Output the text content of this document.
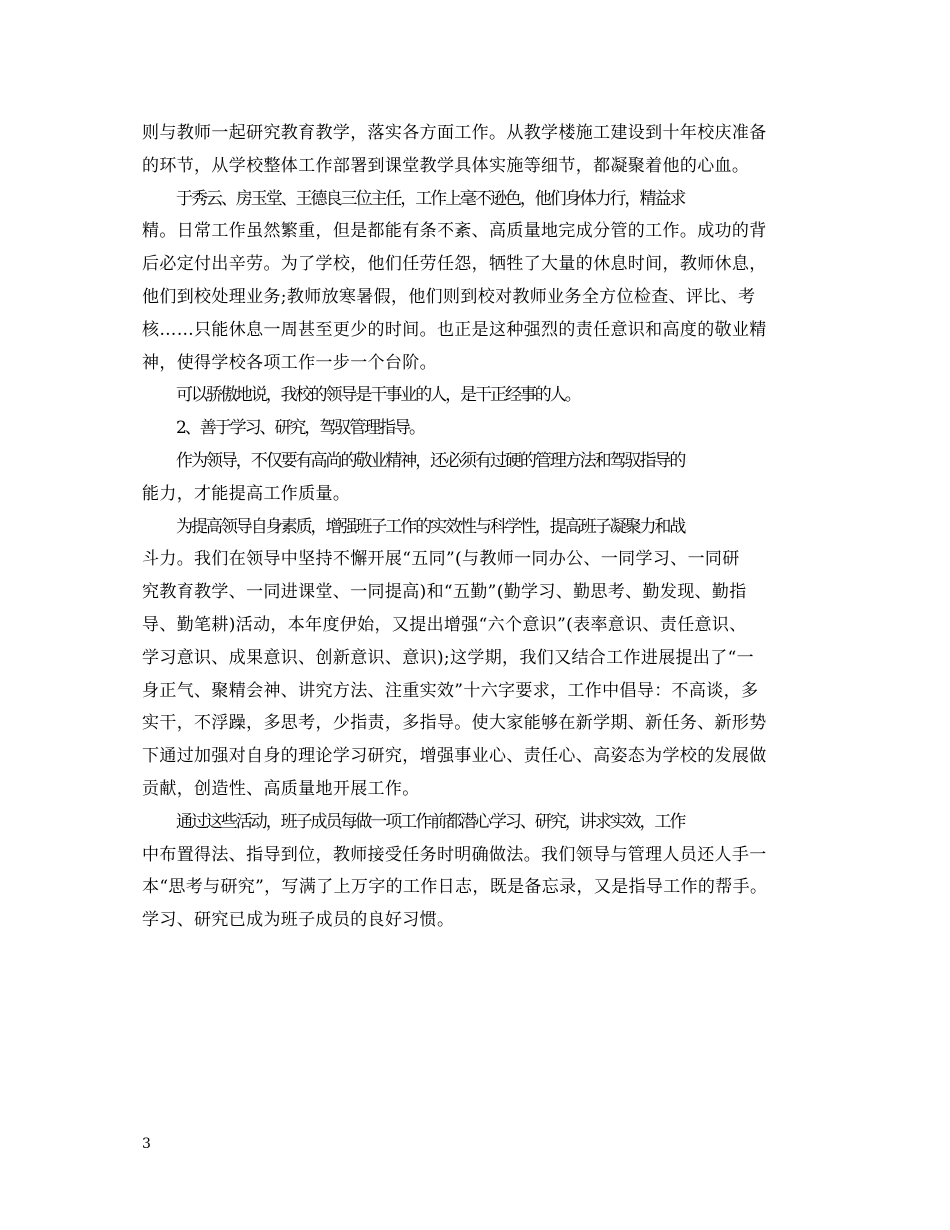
则与教师一起研究教育教学，落实各方面工作。从教学楼施工建设到十年校庆准备
的环节，从学校整体工作部署到课堂教学具体实施等细节，都凝聚着他的心血。
于秀云、房玉堂、王德良三位主任，工作上毫不逊色，他们身体力行，精益求
精。日常工作虽然繁重，但是都能有条不紊、高质量地完成分管的工作。成功的背
后必定付出辛劳。为了学校，他们任劳任怨，牺牲了大量的休息时间，教师休息，
他们到校处理业务;教师放寒暑假，他们则到校对教师业务全方位检查、评比、考
核……只能休息一周甚至更少的时间。也正是这种强烈的责任意识和高度的敬业精
神，使得学校各项工作一步一个台阶。
可以骄傲地说，我校的领导是干事业的人，是干正经事的人。
2、善于学习、研究，驾驭管理指导。
作为领导，不仅要有高尚的敬业精神，还必须有过硬的管理方法和驾驭指导的
能力，才能提高工作质量。
为提高领导自身素质，增强班子工作的实效性与科学性，提高班子凝聚力和战
斗力。我们在领导中坚持不懈开展“五同”(与教师一同办公、一同学习、一同研
究教育教学、一同进课堂、一同提高)和“五勤”(勤学习、勤思考、勤发现、勤指
导、勤笔耕)活动，本年度伊始，又提出增强“六个意识”(表率意识、责任意识、
学习意识、成果意识、创新意识、意识);这学期，我们又结合工作进展提出了“一
身正气、聚精会神、讲究方法、注重实效”十六字要求，工作中倡导：不高谈，多
实干，不浮躁，多思考，少指责，多指导。使大家能够在新学期、新任务、新形势
下通过加强对自身的理论学习研究，增强事业心、责任心、高姿态为学校的发展做
贡献，创造性、高质量地开展工作。
通过这些活动，班子成员每做一项工作前都潜心学习、研究，讲求实效，工作
中布置得法、指导到位，教师接受任务时明确做法。我们领导与管理人员还人手一
本“思考与研究”，写满了上万字的工作日志，既是备忘录，又是指导工作的帮手。
学习、研究已成为班子成员的良好习惯。
3
